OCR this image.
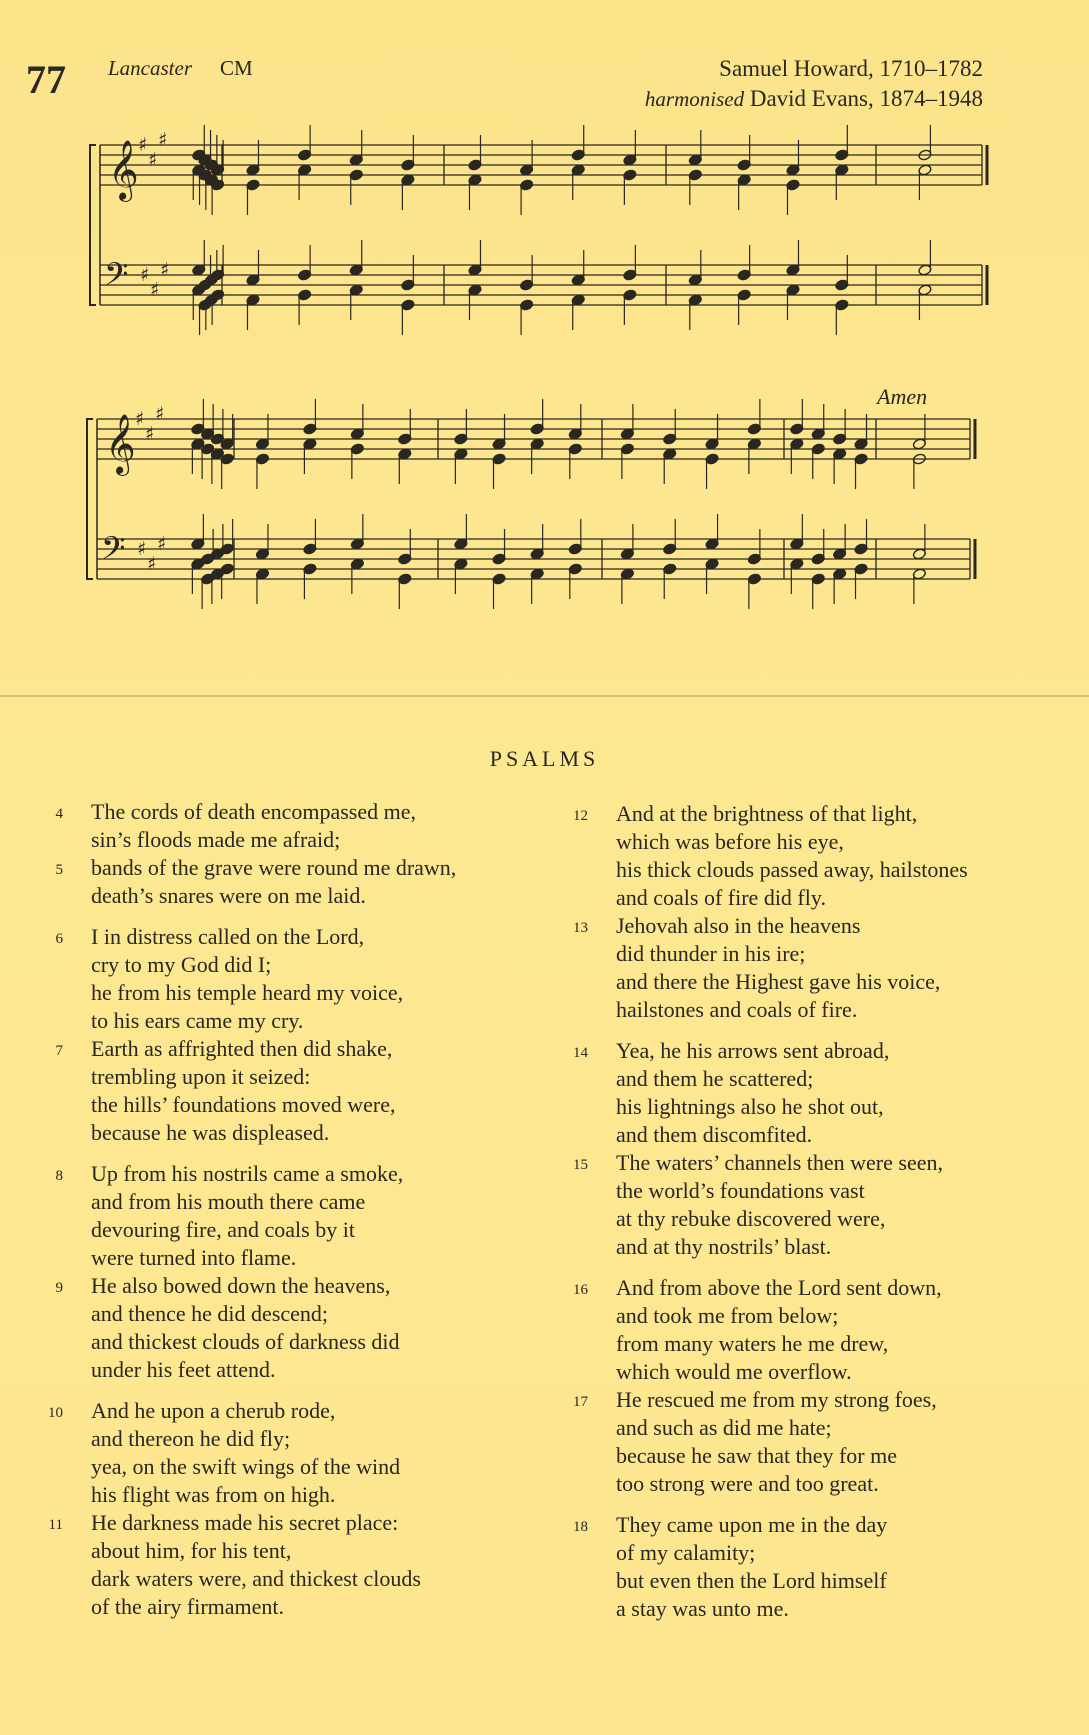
77 Lancaster CM	Samuel Howard, 1710–1782
harmonised David Evans, 1874–1948
𝄞 ♯
♯
♯
𝄢 ♯
♯
♯
𝄞 ♯
♯
♯
𝄢 ♯
♯
♯
Amen
PSALMS
4 The cords of death encompassed me,
sin’s floods made me afraid;
5 bands of the grave were round me drawn,
death’s snares were on me laid.
6 I in distress called on the Lord,
cry to my God did I;
he from his temple heard my voice,
to his ears came my cry.
7 Earth as affrighted then did shake,
trembling upon it seized:
the hills’ foundations moved were,
because he was displeased.
8 Up from his nostrils came a smoke,
and from his mouth there came
devouring fire, and coals by it
were turned into flame.
9 He also bowed down the heavens,
and thence he did descend;
and thickest clouds of darkness did
under his feet attend.
10 And he upon a cherub rode,
and thereon he did fly;
yea, on the swift wings of the wind
his flight was from on high.
11 He darkness made his secret place:
about him, for his tent,
dark waters were, and thickest clouds
of the airy firmament.
12 And at the brightness of that light,
which was before his eye,
his thick clouds passed away, hailstones
and coals of fire did fly.
13 Jehovah also in the heavens
did thunder in his ire;
and there the Highest gave his voice,
hailstones and coals of fire.
14 Yea, he his arrows sent abroad,
and them he scattered;
his lightnings also he shot out,
and them discomfited.
15 The waters’ channels then were seen,
the world’s foundations vast
at thy rebuke discovered were,
and at thy nostrils’ blast.
16 And from above the Lord sent down,
and took me from below;
from many waters he me drew,
which would me overflow.
17 He rescued me from my strong foes,
and such as did me hate;
because he saw that they for me
too strong were and too great.
18 They came upon me in the day
of my calamity;
but even then the Lord himself
a stay was unto me.
